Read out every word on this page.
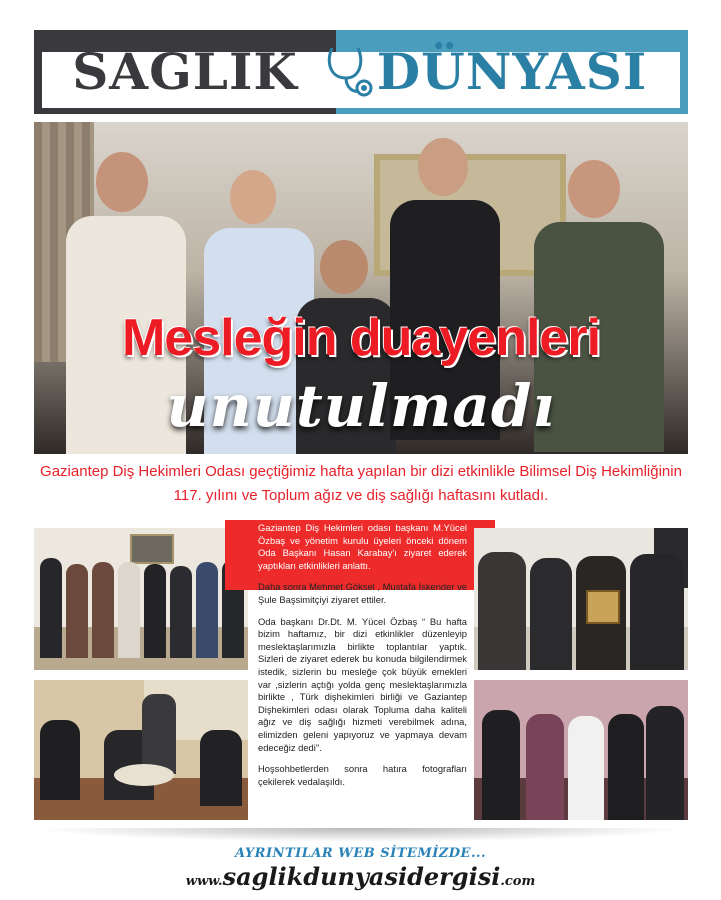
SAĞLIK DÜNYASI
Mesleğin duayenleri
unutulmadı
Gaziantep Diş Hekimleri Odası geçtiğimiz hafta yapılan bir dizi etkinlikle Bilimsel Diş Hekimliğinin 117. yılını ve Toplum ağız ve diş sağlığı haftasını kutladı.

Gaziantep Diş Hekimleri odası başkanı M.Yücel Özbaş ve yönetim kurulu üyeleri önceki dönem Oda Başkanı Hasan Karabay'ı ziyaret ederek yaptıkları etkinlikleri anlattı.

Daha sonra Mehmet Göksel , Mustafa İskender ve Şule Başsimitçiyi ziyaret ettiler.

Oda başkanı Dr.Dt. M. Yücel Özbaş “ Bu hafta bizim haftamız, bir dizi etkinlikler düzenleyip meslektaşlarımızla birlikte toplantılar yaptık. Sizleri de ziyaret ederek bu konuda bilgilendirmek istedik, sizlerin bu mesleğe çok büyük emekleri var ,sizlerin açtığı yolda genç meslektaşlarımızla birlikte , Türk dişhekimleri birliği ve Gaziantep Dişhekimleri odası olarak Topluma daha kaliteli ağız ve diş sağlığı hizmeti verebilmek adına, elimizden geleni yapıyoruz ve yapmaya devam edeceğiz dedi''.

Hoşsohbetlerden sonra hatıra fotografları çekilerek vedalaşıldı.

AYRINTILAR WEB SİTEMİZDE...
www.saglikdunyasidergisi.com
